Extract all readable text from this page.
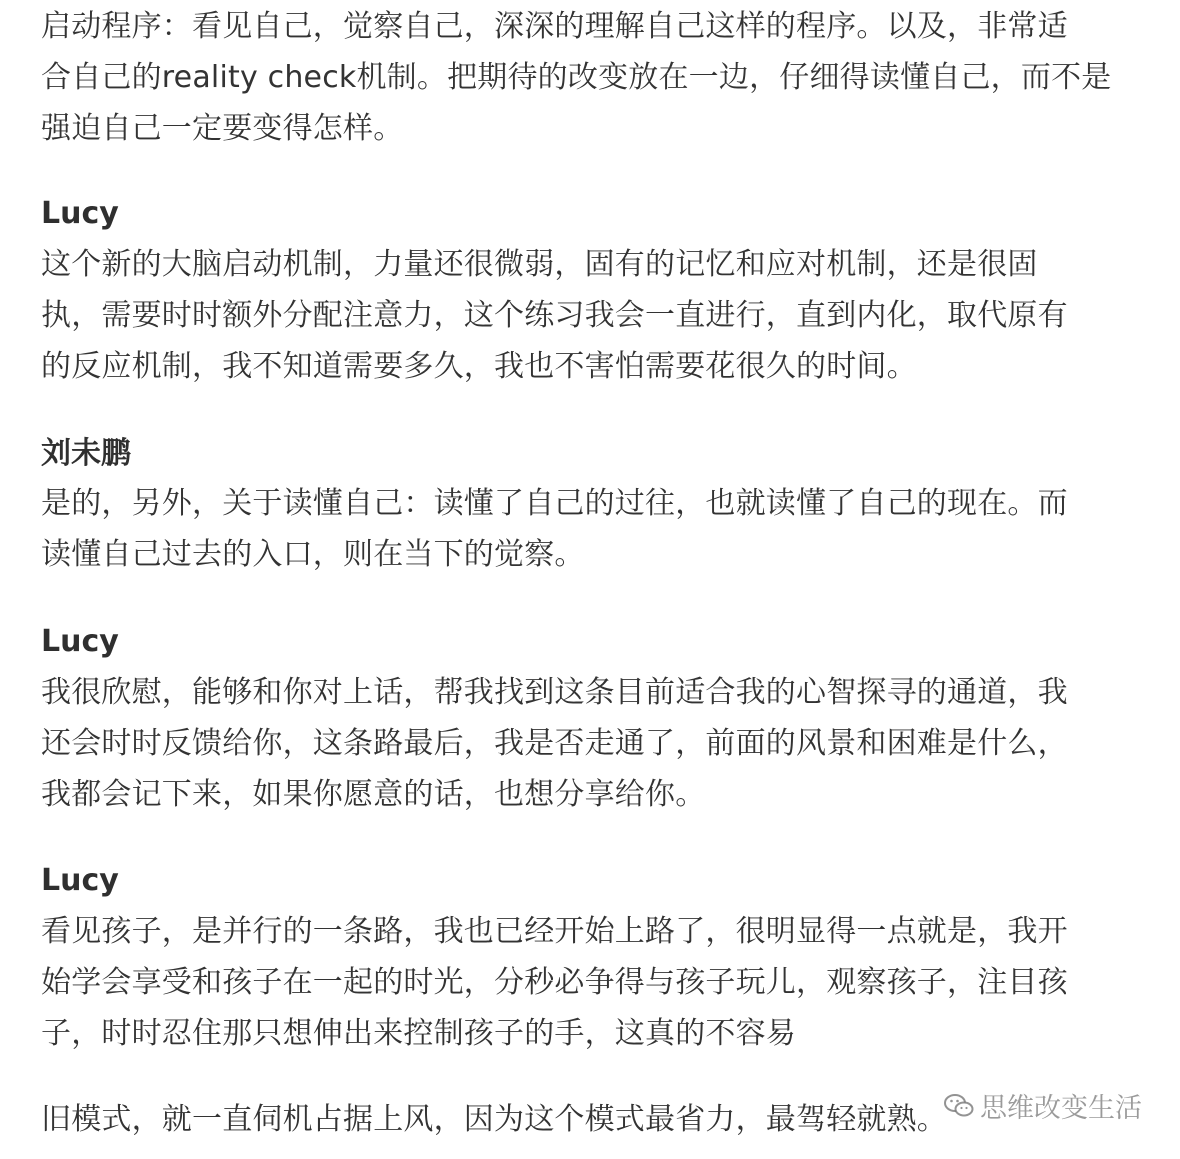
启动程序：看见自己，觉察自己，深深的理解自己这样的程序。以及，非常适
合自己的reality check机制。把期待的改变放在一边，仔细得读懂自己，而不是
强迫自己一定要变得怎样。

Lucy

这个新的大脑启动机制，力量还很微弱，固有的记忆和应对机制，还是很固
执，需要时时额外分配注意力，这个练习我会一直进行，直到内化，取代原有
的反应机制，我不知道需要多久，我也不害怕需要花很久的时间。

刘未鹏

是的，另外，关于读懂自己：读懂了自己的过往，也就读懂了自己的现在。而
读懂自己过去的入口，则在当下的觉察。

Lucy

我很欣慰，能够和你对上话，帮我找到这条目前适合我的心智探寻的通道，我
还会时时反馈给你，这条路最后，我是否走通了，前面的风景和困难是什么，
我都会记下来，如果你愿意的话，也想分享给你。

Lucy

看见孩子，是并行的一条路，我也已经开始上路了，很明显得一点就是，我开
始学会享受和孩子在一起的时光，分秒必争得与孩子玩儿，观察孩子，注目孩
子，时时忍住那只想伸出来控制孩子的手，这真的不容易

旧模式，就一直伺机占据上风，因为这个模式最省力，最驾轻就熟。 思维改变生活
